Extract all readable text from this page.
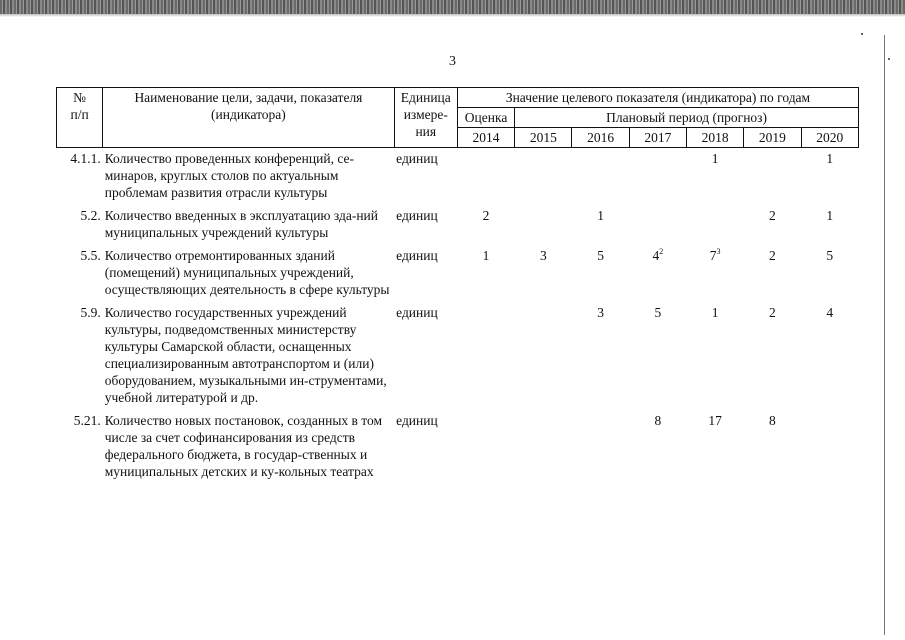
3
№
п/п	Наименование цели, задачи, показателя (индикатора)	Единица измере-ния	Значение целевого показателя (индикатора) по годам						
			Оценка	Плановый период (прогноз)					
			2014	2015	2016	2017	2018	2019	2020
4.1.1.	Количество проведенных конференций, се-минаров, круглых столов по актуальным проблемам развития отрасли культуры	единиц					1		1
5.2.	Количество введенных в эксплуатацию зда-ний муниципальных учреждений культуры	единиц	2		1			2	1
5.5.	Количество отремонтированных зданий (помещений) муниципальных учреждений, осуществляющих деятельность в сфере культуры	единиц	1	3	5	$4^2$	$7^3$	2	5
5.9.	Количество государственных учреждений культуры, подведомственных министерству культуры Самарской области, оснащенных специализированным автотранспортом и (или) оборудованием, музыкальными ин-струментами, учебной литературой и др.	единиц			3	5	1	2	4
5.21.	Количество новых постановок, созданных в том числе за счет софинансирования из средств федерального бюджета, в государ-ственных и муниципальных детских и ку-кольных театрах	единиц				8	17	8	
